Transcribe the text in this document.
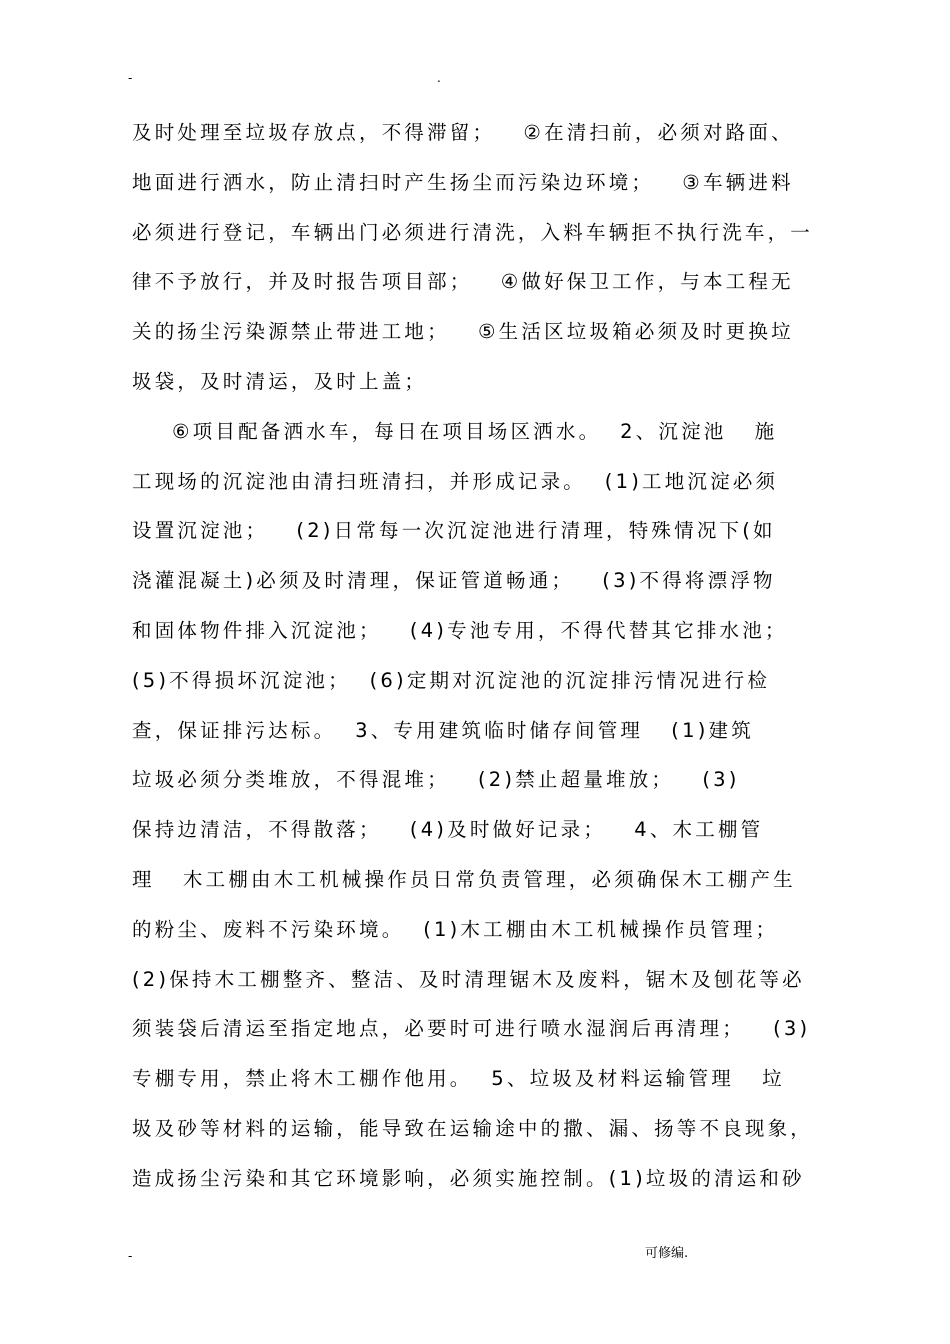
-	.
及时处理至垃圾存放点，不得滞留；   ②在清扫前，必须对路面、
地面进行洒水，防止清扫时产生扬尘而污染边环境；   ③车辆进料
必须进行登记，车辆出门必须进行清洗，入料车辆拒不执行洗车，一
律不予放行，并及时报告项目部；   ④做好保卫工作，与本工程无
关的扬尘污染源禁止带进工地；   ⑤生活区垃圾箱必须及时更换垃
圾袋，及时清运，及时上盖；
⑥项目配备洒水车，每日在项目场区洒水。  2、沉淀池   施
工现场的沉淀池由清扫班清扫，并形成记录。  (1)工地沉淀必须
设置沉淀池；   (2)日常每一次沉淀池进行清理，特殊情况下(如
浇灌混凝土)必须及时清理，保证管道畅通；   (3)不得将漂浮物
和固体物件排入沉淀池；   (4)专池专用，不得代替其它排水池；
(5)不得损坏沉淀池；  (6)定期对沉淀池的沉淀排污情况进行检
查，保证排污达标。  3、专用建筑临时储存间管理   (1)建筑
垃圾必须分类堆放，不得混堆；   (2)禁止超量堆放；   (3)
保持边清洁，不得散落；   (4)及时做好记录；   4、木工棚管
理   木工棚由木工机械操作员日常负责管理，必须确保木工棚产生
的粉尘、废料不污染环境。  (1)木工棚由木工机械操作员管理；
(2)保持木工棚整齐、整洁、及时清理锯木及废料，锯木及刨花等必
须装袋后清运至指定地点，必要时可进行喷水湿润后再清理；   (3)
专棚专用，禁止将木工棚作他用。  5、垃圾及材料运输管理   垃
圾及砂等材料的运输，能导致在运输途中的撒、漏、扬等不良现象，
造成扬尘污染和其它环境影响，必须实施控制。(1)垃圾的清运和砂
-	可修编.
